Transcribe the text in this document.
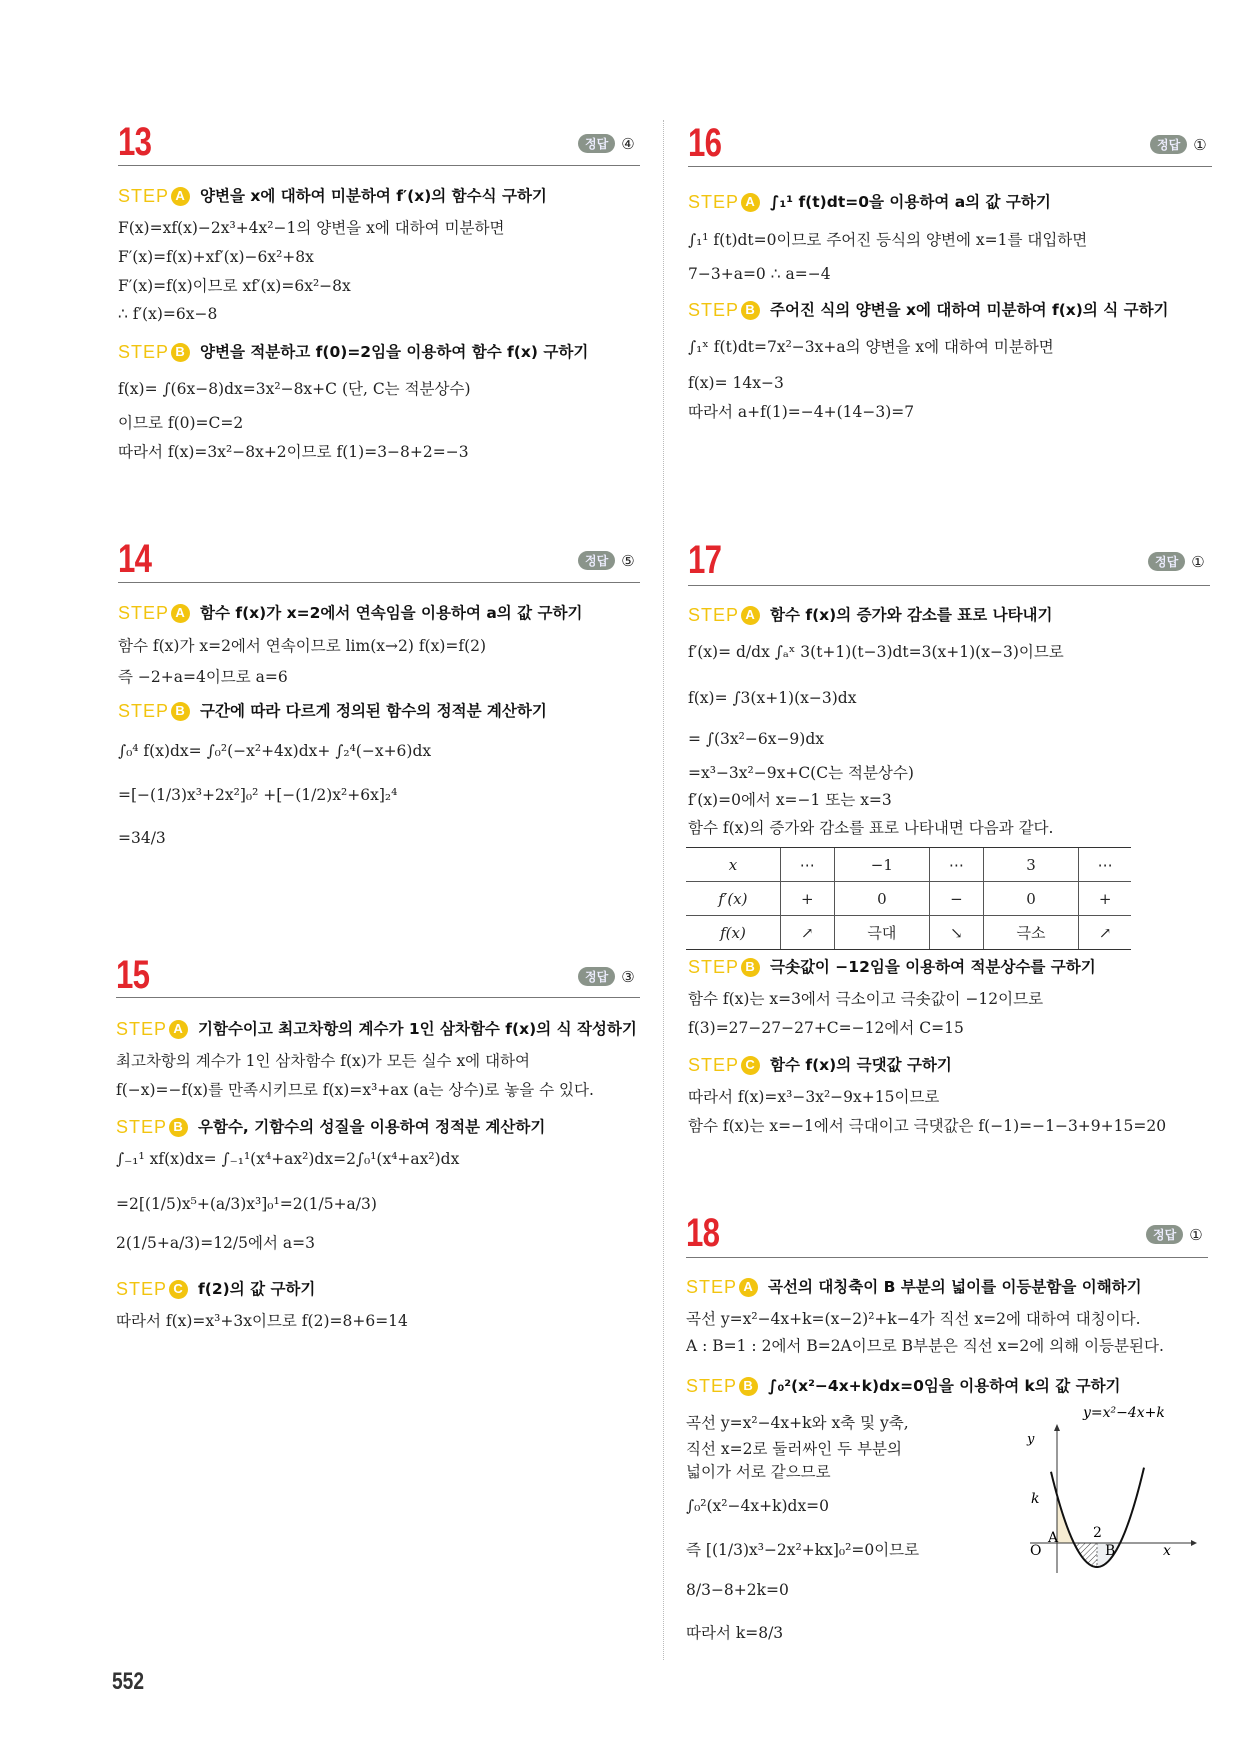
13	정답 ④
STEP A 양변을 x에 대하여 미분하여 f′(x)의 함수식 구하기
F(x)=xf(x)−2x³+4x²−1의 양변을 x에 대하여 미분하면
F′(x)=f(x)+xf′(x)−6x²+8x
F′(x)=f(x)이므로 xf′(x)=6x²−8x
∴ f′(x)=6x−8
STEP B 양변을 적분하고 f(0)=2임을 이용하여 함수 f(x) 구하기
f(x)= ∫(6x−8)dx=3x²−8x+C (단, C는 적분상수)
이므로 f(0)=C=2
따라서 f(x)=3x²−8x+2이므로 f(1)=3−8+2=−3
14	정답 ⑤
STEP A 함수 f(x)가 x=2에서 연속임을 이용하여 a의 값 구하기
함수 f(x)가 x=2에서 연속이므로 lim(x→2) f(x)=f(2)
즉 −2+a=4이므로 a=6
STEP B 구간에 따라 다르게 정의된 함수의 정적분 계산하기
∫₀⁴ f(x)dx= ∫₀²(−x²+4x)dx+ ∫₂⁴(−x+6)dx
=[−(1/3)x³+2x²]₀² +[−(1/2)x²+6x]₂⁴
=34/3
15	정답 ③
STEP A 기함수이고 최고차항의 계수가 1인 삼차함수 f(x)의 식 작성하기
최고차항의 계수가 1인 삼차함수 f(x)가 모든 실수 x에 대하여
f(−x)=−f(x)를 만족시키므로 f(x)=x³+ax (a는 상수)로 놓을 수 있다.
STEP B 우함수, 기함수의 성질을 이용하여 정적분 계산하기
∫₋₁¹ xf(x)dx= ∫₋₁¹(x⁴+ax²)dx=2∫₀¹(x⁴+ax²)dx
=2[(1/5)x⁵+(a/3)x³]₀¹=2(1/5+a/3)
2(1/5+a/3)=12/5에서 a=3
STEP C f(2)의 값 구하기
따라서 f(x)=x³+3x이므로 f(2)=8+6=14
16	정답 ①
STEP A ∫₁¹ f(t)dt=0을 이용하여 a의 값 구하기
∫₁¹ f(t)dt=0이므로 주어진 등식의 양변에 x=1를 대입하면
7−3+a=0 ∴ a=−4
STEP B 주어진 식의 양변을 x에 대하여 미분하여 f(x)의 식 구하기
∫₁ˣ f(t)dt=7x²−3x+a의 양변을 x에 대하여 미분하면
f(x)= 14x−3
따라서 a+f(1)=−4+(14−3)=7
17	정답 ①
STEP A 함수 f(x)의 증가와 감소를 표로 나타내기
f′(x)= d/dx ∫ₐˣ 3(t+1)(t−3)dt=3(x+1)(x−3)이므로
f(x)= ∫3(x+1)(x−3)dx
= ∫(3x²−6x−9)dx
=x³−3x²−9x+C(C는 적분상수)
f′(x)=0에서 x=−1 또는 x=3
함수 f(x)의 증가와 감소를 표로 나타내면 다음과 같다.
STEP B 극솟값이 −12임을 이용하여 적분상수를 구하기
함수 f(x)는 x=3에서 극소이고 극솟값이 −12이므로
f(3)=27−27−27+C=−12에서 C=15
STEP C 함수 f(x)의 극댓값 구하기
따라서 f(x)=x³−3x²−9x+15이므로
함수 f(x)는 x=−1에서 극대이고 극댓값은 f(−1)=−1−3+9+15=20
x	⋯	−1	⋯	3	⋯
f′(x)	+	0	−	0	+
f(x)	↗	극대	↘	극소	↗
18	정답 ①
STEP A 곡선의 대칭축이 B 부분의 넓이를 이등분함을 이해하기
곡선 y=x²−4x+k=(x−2)²+k−4가 직선 x=2에 대하여 대칭이다.
A : B=1 : 2에서 B=2A이므로 B부분은 직선 x=2에 의해 이등분된다.
STEP B ∫₀²(x²−4x+k)dx=0임을 이용하여 k의 값 구하기
곡선 y=x²−4x+k와 x축 및 y축,
직선 x=2로 둘러싸인 두 부분의
넓이가 서로 같으므로
∫₀²(x²−4x+k)dx=0
즉 [(1/3)x³−2x²+kx]₀²=0이므로
8/3−8+2k=0
따라서 k=8/3
y=x²−4x+k
y
x
O
k
2
A
B
552
